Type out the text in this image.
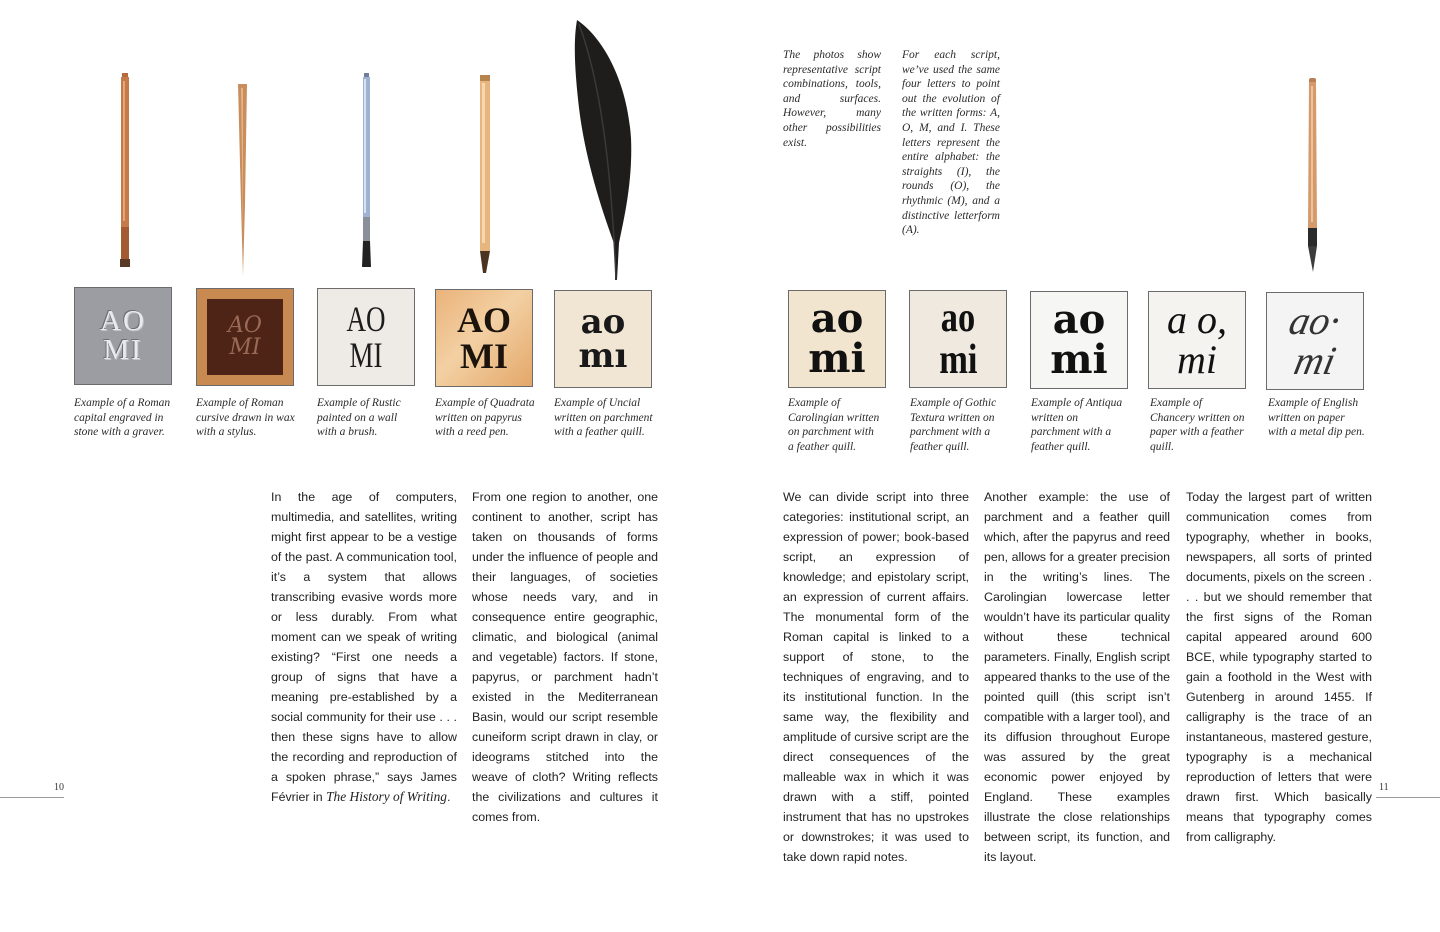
AO
MI
AO
MI
AO
MI
AO
MI
ao
mı

Example of a Roman capital engraved in stone with a graver.

Example of Roman cursive drawn in wax with a stylus.

Example of Rustic painted on a wall with a brush.

Example of Quadrata written on papyrus with a reed pen.

Example of Uncial written on parchment with a feather quill.

In the age of computers, multimedia, and satellites, writing might first appear to be a vestige of the past. A communication tool, it’s a system that allows transcribing evasive words more or less durably. From what moment can we speak of writing existing? “First one needs a group of signs that have a meaning pre-established by a social community for their use . . . then these signs have to allow the recording and reproduction of a spoken phrase,” says James Février in The History of Writing.

From one region to another, one continent to another, script has taken on thousands of forms under the influence of people and their languages, of societies whose needs vary, and in consequence entire geographic, climatic, and biological (animal and vegetable) factors. If stone, papyrus, or parchment hadn’t existed in the Mediterranean Basin, would our script resemble cuneiform script drawn in clay, or ideograms stitched into the weave of cloth? Writing reflects the civilizations and cultures it comes from.

10

The photos show representative script combinations, tools, and surfaces. However, many other possibilities exist.

For each script, we’ve used the same four letters to point out the evolution of the written forms: A, O, M, and I. These letters represent the entire alphabet: the straights (I), the rounds (O), the rhythmic (M), and a distinctive letterform (A).

ao
mi
ao
mi
ao
mi
a o,
mi
ao·
mi

Example of Carolingian written on parchment with a feather quill.

Example of Gothic Textura written on parchment with a feather quill.

Example of Antiqua written on parchment with a feather quill.

Example of Chancery written on paper with a feather quill.

Example of English written on paper with a metal dip pen.

We can divide script into three categories: institutional script, an expression of power; book-based script, an expression of knowledge; and epistolary script, an expression of current affairs. The monumental form of the Roman capital is linked to a support of stone, to the techniques of engraving, and to its institutional function. In the same way, the flexibility and amplitude of cursive script are the direct consequences of the malleable wax in which it was drawn with a stiff, pointed instrument that has no upstrokes or downstrokes; it was used to take down rapid notes.

Another example: the use of parchment and a feather quill which, after the papyrus and reed pen, allows for a greater precision in the writing’s lines. The Carolingian lowercase letter wouldn’t have its particular quality without these technical parameters. Finally, English script appeared thanks to the use of the pointed quill (this script isn’t compatible with a larger tool), and its diffusion throughout Europe was assured by the great economic power enjoyed by England. These examples illustrate the close relationships between script, its function, and its layout.

Today the largest part of written communication comes from typography, whether in books, newspapers, all sorts of printed documents, pixels on the screen . . . but we should remember that the first signs of the Roman capital appeared around 600 BCE, while typography started to gain a foothold in the West with Gutenberg in around 1455. If calligraphy is the trace of an instantaneous, mastered gesture, typography is a mechanical reproduction of letters that were drawn first. Which basically means that typography comes from calligraphy.

11
